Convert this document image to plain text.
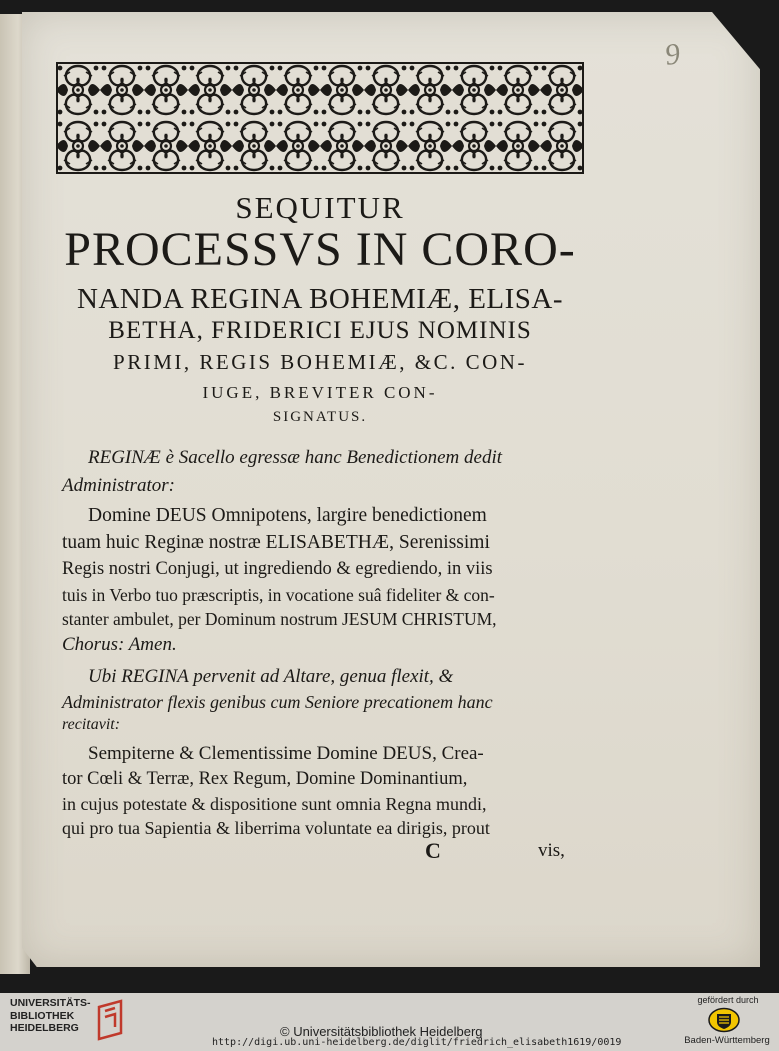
9
SEQUITUR
PROCESSVS IN CORO-
NANDA REGINA BOHEMIÆ, ELISA-
BETHA, FRIDERICI EJUS NOMINIS
PRIMI, REGIS BOHEMIÆ, &C. CON-
IUGE, BREVITER CON-
SIGNATUS.
REGINÆ è Sacello egressæ hanc Benedictionem dedit
Administrator:
Domine DEUS Omnipotens, largire benedictionem
tuam huic Reginæ nostræ ELISABETHÆ, Serenissimi
Regis nostri Conjugi, ut ingrediendo & egrediendo, in viis
tuis in Verbo tuo præscriptis, in vocatione suâ fideliter & con-
stanter ambulet, per Dominum nostrum JESUM CHRISTUM,
Chorus: Amen.
Ubi REGINA pervenit ad Altare, genua flexit, &
Administrator flexis genibus cum Seniore precationem hanc
recitavit:
Sempiterne & Clementissime Domine DEUS, Crea-
tor Cœli & Terræ, Rex Regum, Domine Dominantium,
in cujus potestate & dispositione sunt omnia Regna mundi,
qui pro tua Sapientia & liberrima voluntate ea dirigis, prout
C	vis,
UNIVERSITÄTS-
BIBLIOTHEK
HEIDELBERG	© Universitätsbibliothek Heidelberg
http://digi.ub.uni-heidelberg.de/diglit/friedrich_elisabeth1619/0019
gefördert durch
Baden-Württemberg
